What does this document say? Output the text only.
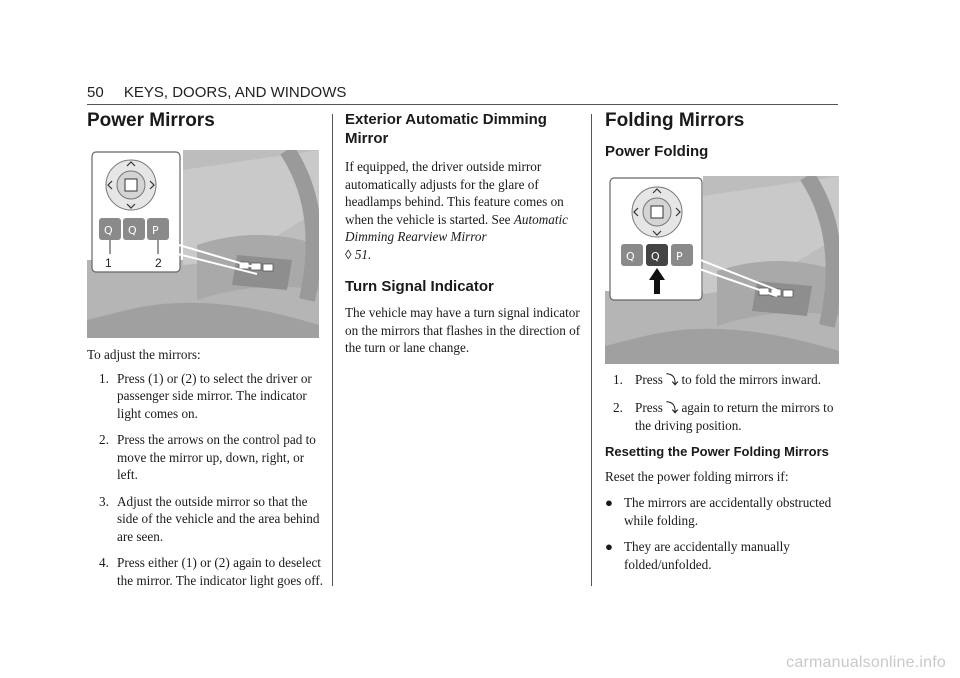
50 KEYS, DOORS, AND WINDOWS
Power Mirrors
Q Q P
1	2

To adjust the mirrors:

1. Press (1) or (2) to select the driver or passenger side mirror. The indicator light comes on.
2. Press the arrows on the control pad to move the mirror up, down, right, or left.
3. Adjust the outside mirror so that the side of the vehicle and the area behind are seen.
4. Press either (1) or (2) again to deselect the mirror. The indicator light goes off.
Exterior Automatic Dimming Mirror

If equipped, the driver outside mirror automatically adjusts for the glare of headlamps behind. This feature comes on when the vehicle is started. See Automatic Dimming Rearview Mirror
◊ 51.

Turn Signal Indicator

The vehicle may have a turn signal indicator on the mirrors that flashes in the direction of the turn or lane change.

Folding Mirrors
Power Folding
Q Q P
1. Press ⤵ to fold the mirrors inward.
2. Press ⤵ again to return the mirrors to the driving position.
Resetting the Power Folding Mirrors

Reset the power folding mirrors if:

● The mirrors are accidentally obstructed while folding.
● They are accidentally manually folded/unfolded.
carmanualsonline.info
